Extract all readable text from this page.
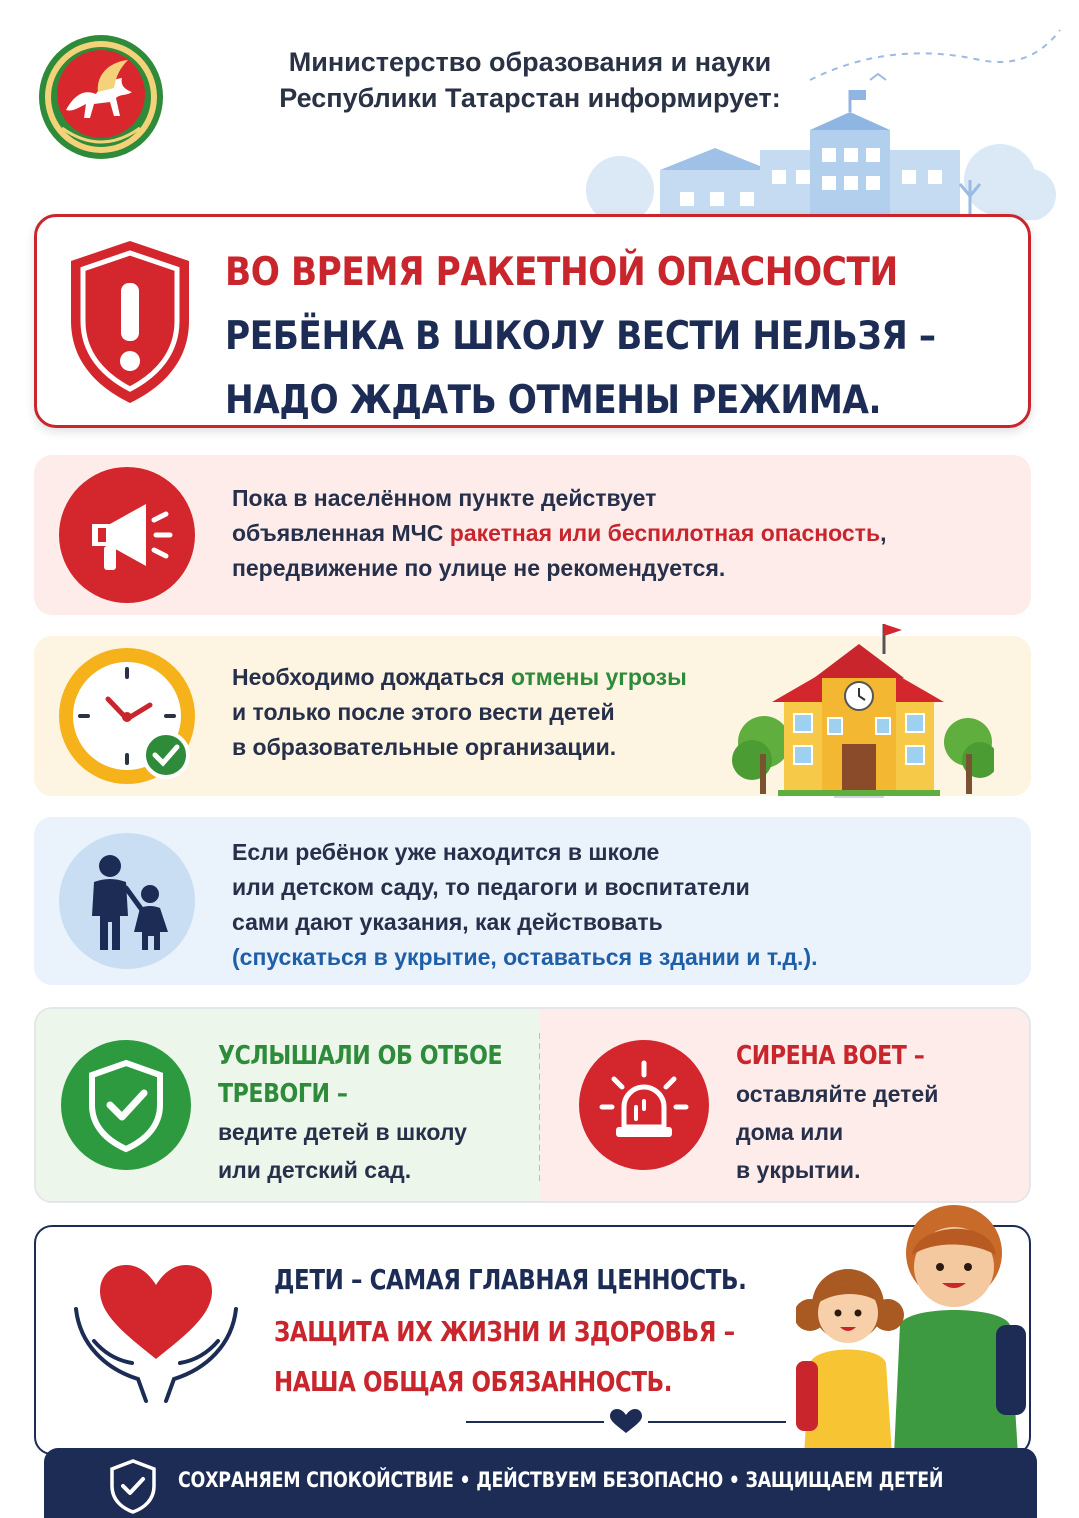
Министерство образования и науки
Республики Татарстан информирует:
ВО ВРЕМЯ РАКЕТНОЙ ОПАСНОСТИ
РЕБЁНКА В ШКОЛУ ВЕСТИ НЕЛЬЗЯ –
НАДО ЖДАТЬ ОТМЕНЫ РЕЖИМА.
Пока в населённом пункте действует
объявленная МЧС ракетная или беспилотная опасность,
передвижение по улице не рекомендуется.
Необходимо дождаться отмены угрозы
и только после этого вести детей
в образовательные организации.
Если ребёнок уже находится в школе
или детском саду, то педагоги и воспитатели
сами дают указания, как действовать
(спускаться в укрытие, оставаться в здании и т.д.).
УСЛЫШАЛИ ОБ ОТБОЕ
ТРЕВОГИ –
ведите детей в школу
или детский сад.
СИРЕНА ВОЕТ –
оставляйте детей
дома или
в укрытии.
ДЕТИ – САМАЯ ГЛАВНАЯ ЦЕННОСТЬ.
ЗАЩИТА ИХ ЖИЗНИ И ЗДОРОВЬЯ –
НАША ОБЩАЯ ОБЯЗАННОСТЬ.
СОХРАНЯЕМ СПОКОЙСТВИЕ • ДЕЙСТВУЕМ БЕЗОПАСНО • ЗАЩИЩАЕМ ДЕТЕЙ
